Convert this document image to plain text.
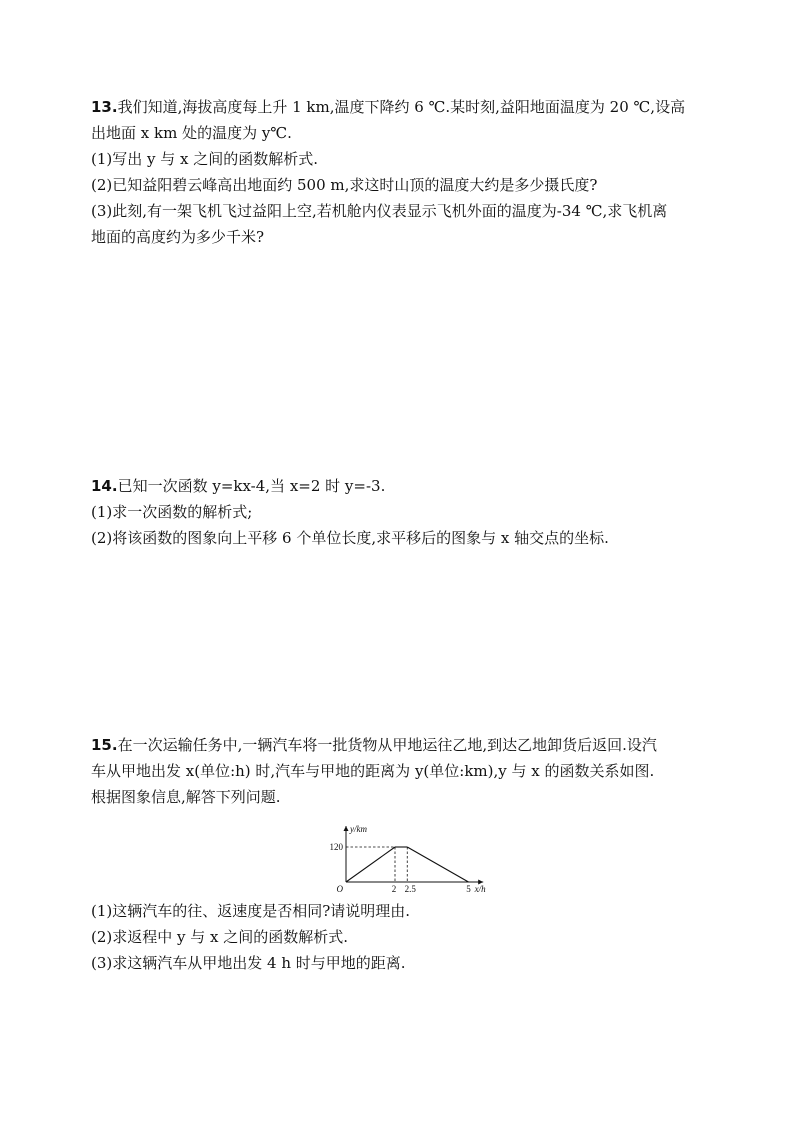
13.我们知道,海拔高度每上升 1 km,温度下降约 6 ℃.某时刻,益阳地面温度为 20 ℃,设高
出地面 x km 处的温度为 y℃.
(1)写出 y 与 x 之间的函数解析式.
(2)已知益阳碧云峰高出地面约 500 m,求这时山顶的温度大约是多少摄氏度?
(3)此刻,有一架飞机飞过益阳上空,若机舱内仪表显示飞机外面的温度为-34 ℃,求飞机离
地面的高度约为多少千米?
14.已知一次函数 y=kx-4,当 x=2 时 y=-3.
(1)求一次函数的解析式;
(2)将该函数的图象向上平移 6 个单位长度,求平移后的图象与 x 轴交点的坐标.
15.在一次运输任务中,一辆汽车将一批货物从甲地运往乙地,到达乙地卸货后返回.设汽
车从甲地出发 x(单位:h) 时,汽车与甲地的距离为 y(单位:km),y 与 x 的函数关系如图.
根据图象信息,解答下列问题.
y/km
120
O	2 2.5	5 x/h
(1)这辆汽车的往、返速度是否相同?请说明理由.
(2)求返程中 y 与 x 之间的函数解析式.
(3)求这辆汽车从甲地出发 4 h 时与甲地的距离.
